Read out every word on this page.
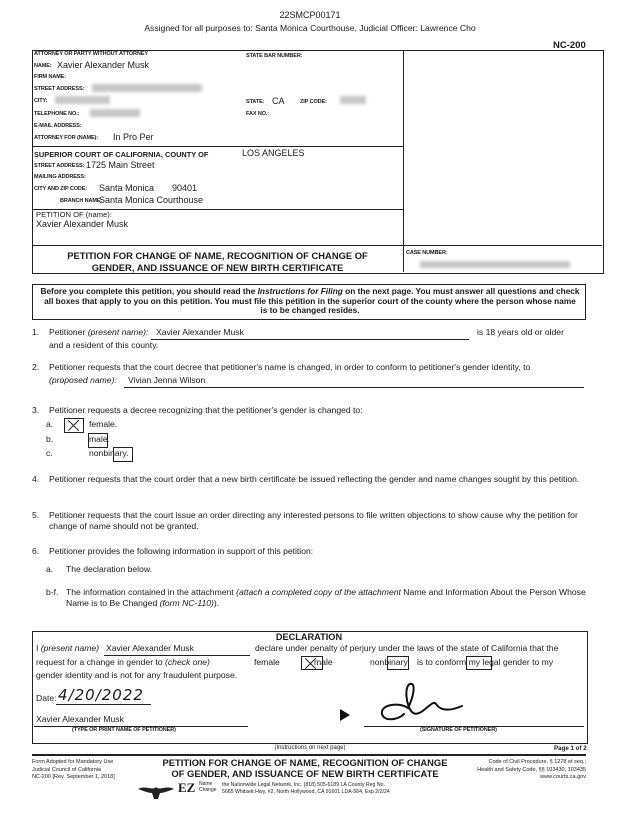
22SMCP00171
Assigned for all purposes to: Santa Monica Courthouse, Judicial Officer: Lawrence Cho
NC-200
ATTORNEY OR PARTY WITHOUT ATTORNEY	STATE BAR NUMBER:
NAME: Xavier Alexander Musk
FIRM NAME:
STREET ADDRESS:
CITY:	STATE: CA	ZIP CODE:
TELEPHONE NO.:	FAX NO.:
E-MAIL ADDRESS:
ATTORNEY FOR (NAME): In Pro Per
SUPERIOR COURT OF CALIFORNIA, COUNTY OF	LOS ANGELES
STREET ADDRESS: 1725 Main Street
MAILING ADDRESS:
CITY AND ZIP CODE: Santa Monica 90401
BRANCH NAME:
Santa Monica Courthouse
PETITION OF (name):
Xavier Alexander Musk
PETITION FOR CHANGE OF NAME, RECOGNITION OF CHANGE OF
GENDER, AND ISSUANCE OF NEW BIRTH CERTIFICATE
CASE NUMBER:
Before you complete this petition, you should read the Instructions for Filing on the next page. You must answer all questions and check all boxes that apply to you on this petition. You must file this petition in the superior court of the county where the person whose name is to be changed resides.
1. Petitioner (present name): Xavier Alexander Musk	is 18 years old or older
and a resident of this county.
2. Petitioner requests that the court decree that petitioner's name is changed, in order to conform to petitioner's gender identity, to
(proposed name): Vivian Jenna Wilson
3. Petitioner requests a decree recognizing that the petitioner's gender is changed to:
a.
	female.
b.
	male.
c.
	nonbinary.
4. Petitioner requests that the court order that a new birth certificate be issued reflecting the gender and name changes sought by this petition.
5. Petitioner requests that the court issue an order directing any interested persons to file written objections to show cause why the petition for change of name should not be granted.
6. Petitioner provides the following information in support of this petition:
a. The declaration below.
b-f. The information contained in the attachment (attach a completed copy of the attachment Name and Information About the Person Whose Name is to Be Changed (form NC-110)).
DECLARATION
I (present name) Xavier Alexander Musk	declare under penalty of perjury under the laws of the state of California that the
request for a change in gender to (check one)
	female
	male	nonbinary is to conform my legal gender to my
gender identity and is not for any fraudulent purpose.
Date: 4/20/2022
Xavier Alexander Musk
(TYPE OR PRINT NAME OF PETITIONER)	(SIGNATURE OF PETITIONER)
(Instructions on next page)	Page 1 of 2
Form Adopted for Mandatory Use
Judicial Council of California
NC-200 [Rev. September 1, 2018]
PETITION FOR CHANGE OF NAME, RECOGNITION OF CHANGE
OF GENDER, AND ISSUANCE OF NEW BIRTH CERTIFICATE
Code of Civil Procedure, § 1278 et seq.;
Health and Safety Code, §§ 103430, 103435
www.courts.ca.gov
EZ Name
Change
the Nationwide Legal Network, Inc. (818) 505-6189 LA County Reg No.
5665 Whitsett Hwy, #2, North Hollywood, CA 91601 LDA-564, Exp 2/2/24
